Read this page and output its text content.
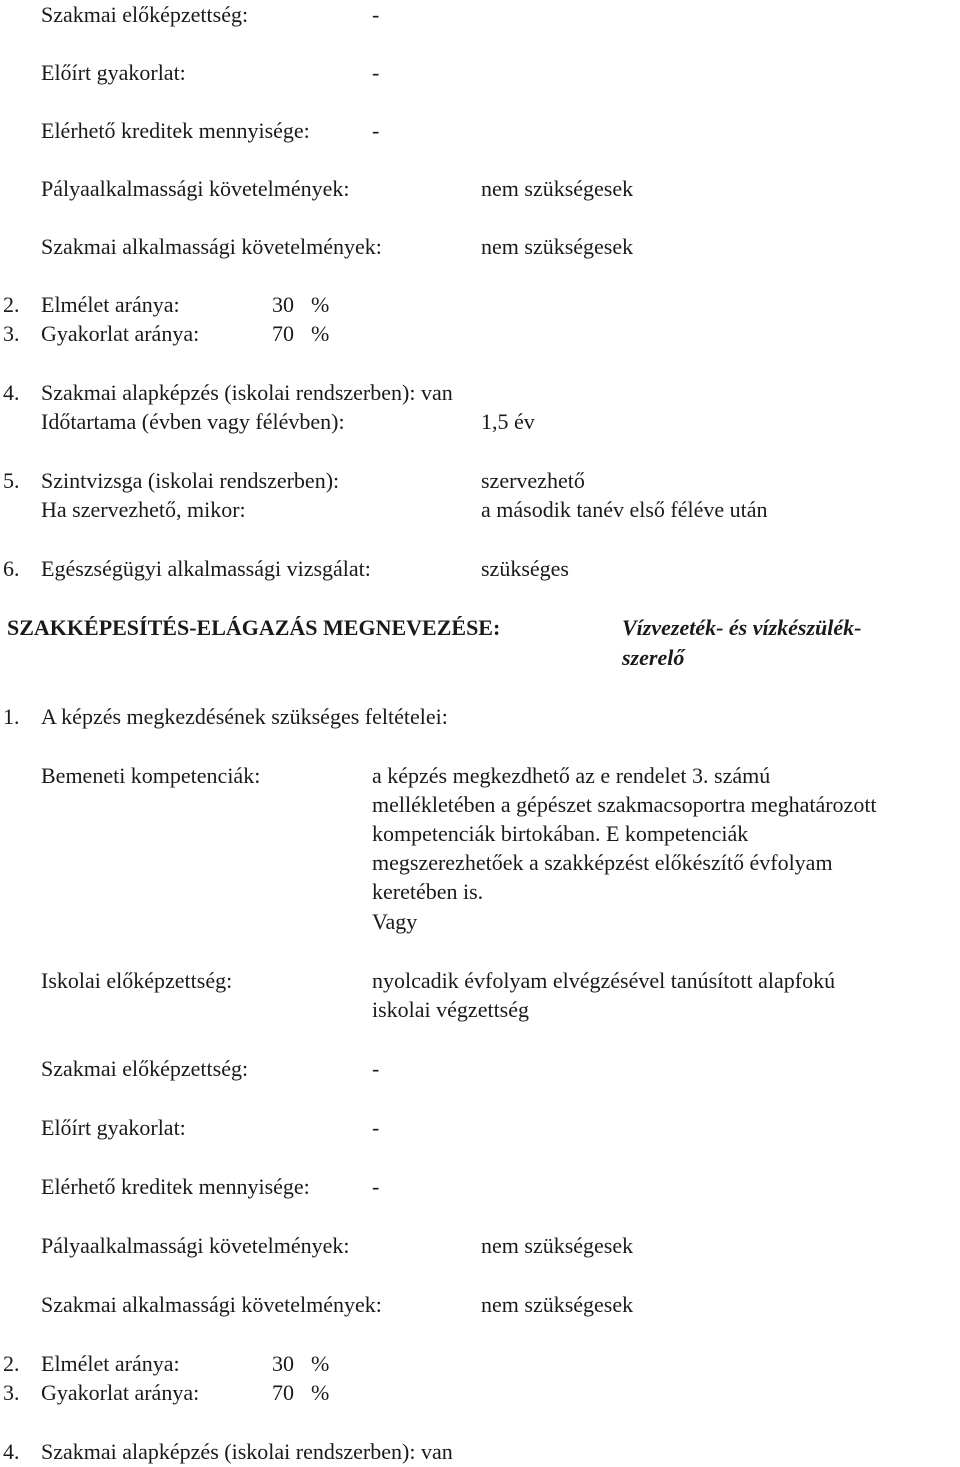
Szakmai előképzettség:	-
Előírt gyakorlat:	-
Elérhető kreditek mennyisége:	-
Pályaalkalmassági követelmények:	nem szükségesek
Szakmai alkalmassági követelmények:	nem szükségesek
2. Elmélet aránya:	30 %
3. Gyakorlat aránya:	70 %
4. Szakmai alapképzés (iskolai rendszerben): van
Időtartama (évben vagy félévben):	1,5 év
5. Szintvizsga (iskolai rendszerben):	szervezhető
Ha szervezhető, mikor:	a második tanév első féléve után
6. Egészségügyi alkalmassági vizsgálat:	szükséges
SZAKKÉPESÍTÉS-ELÁGAZÁS MEGNEVEZÉSE:	Vízvezeték- és vízkészülék-
szerelő
1. A képzés megkezdésének szükséges feltételei:
Bemeneti kompetenciák:	a képzés megkezdhető az e rendelet 3. számú
mellékletében a gépészet szakmacsoportra meghatározott
kompetenciák birtokában. E kompetenciák
megszerezhetőek a szakképzést előkészítő évfolyam
keretében is.
Vagy
Iskolai előképzettség:	nyolcadik évfolyam elvégzésével tanúsított alapfokú
iskolai végzettség
Szakmai előképzettség:	-
Előírt gyakorlat:	-
Elérhető kreditek mennyisége:	-
Pályaalkalmassági követelmények:	nem szükségesek
Szakmai alkalmassági követelmények:	nem szükségesek
2. Elmélet aránya:	30 %
3. Gyakorlat aránya:	70 %
4. Szakmai alapképzés (iskolai rendszerben): van
